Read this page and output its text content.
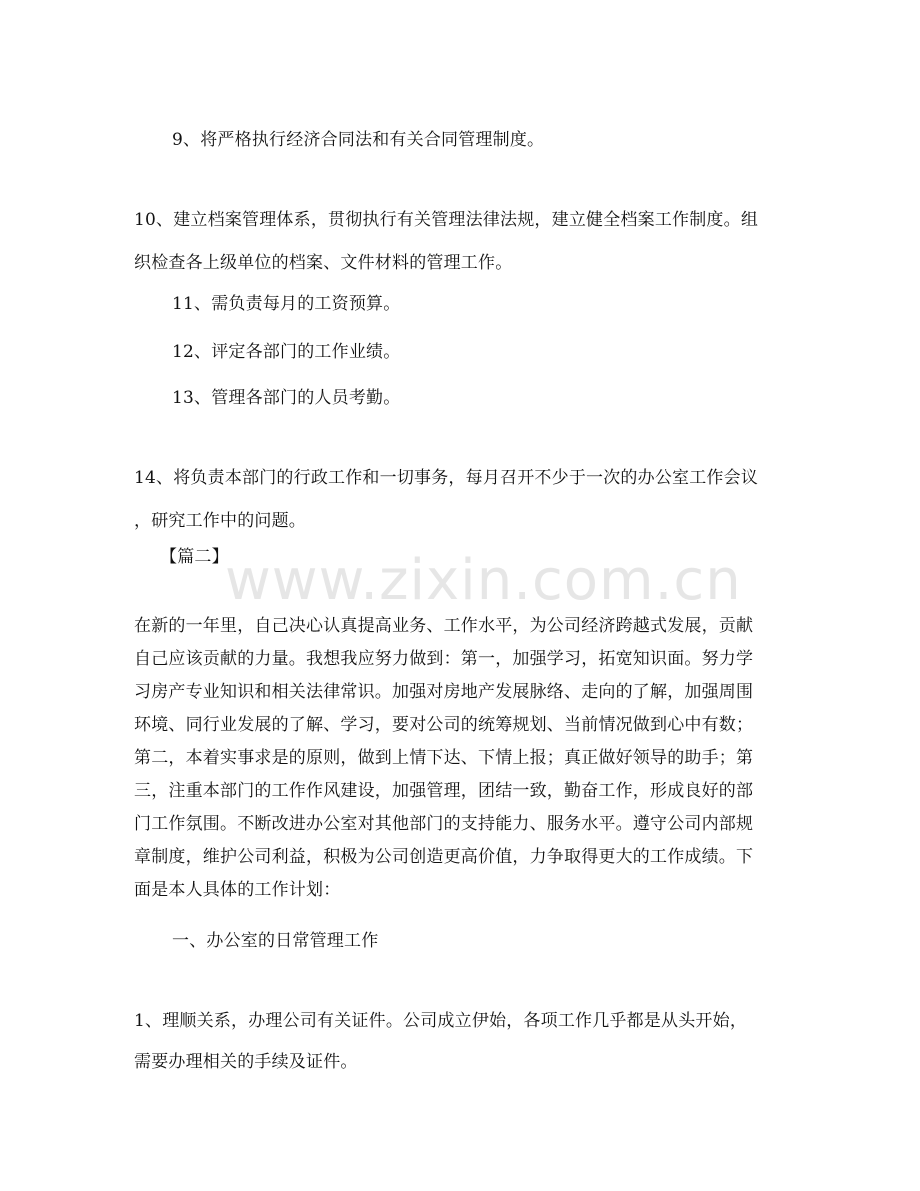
www.zixin.com.cn

9、将严格执行经济合同法和有关合同管理制度。

10、建立档案管理体系，贯彻执行有关管理法律法规，建立健全档案工作制度。组

织检查各上级单位的档案、文件材料的管理工作。

11、需负责每月的工资预算。

12、评定各部门的工作业绩。

13、管理各部门的人员考勤。

14、将负责本部门的行政工作和一切事务，每月召开不少于一次的办公室工作会议

，研究工作中的问题。

【篇二】

在新的一年里，自己决心认真提高业务、工作水平，为公司经济跨越式发展，贡献

自己应该贡献的力量。我想我应努力做到：第一，加强学习，拓宽知识面。努力学

习房产专业知识和相关法律常识。加强对房地产发展脉络、走向的了解，加强周围

环境、同行业发展的了解、学习，要对公司的统筹规划、当前情况做到心中有数；

第二，本着实事求是的原则，做到上情下达、下情上报；真正做好领导的助手；第

三，注重本部门的工作作风建设，加强管理，团结一致，勤奋工作，形成良好的部

门工作氛围。不断改进办公室对其他部门的支持能力、服务水平。遵守公司内部规

章制度，维护公司利益，积极为公司创造更高价值，力争取得更大的工作成绩。下

面是本人具体的工作计划：

一、办公室的日常管理工作

1、理顺关系，办理公司有关证件。公司成立伊始，各项工作几乎都是从头开始，

需要办理相关的手续及证件。
